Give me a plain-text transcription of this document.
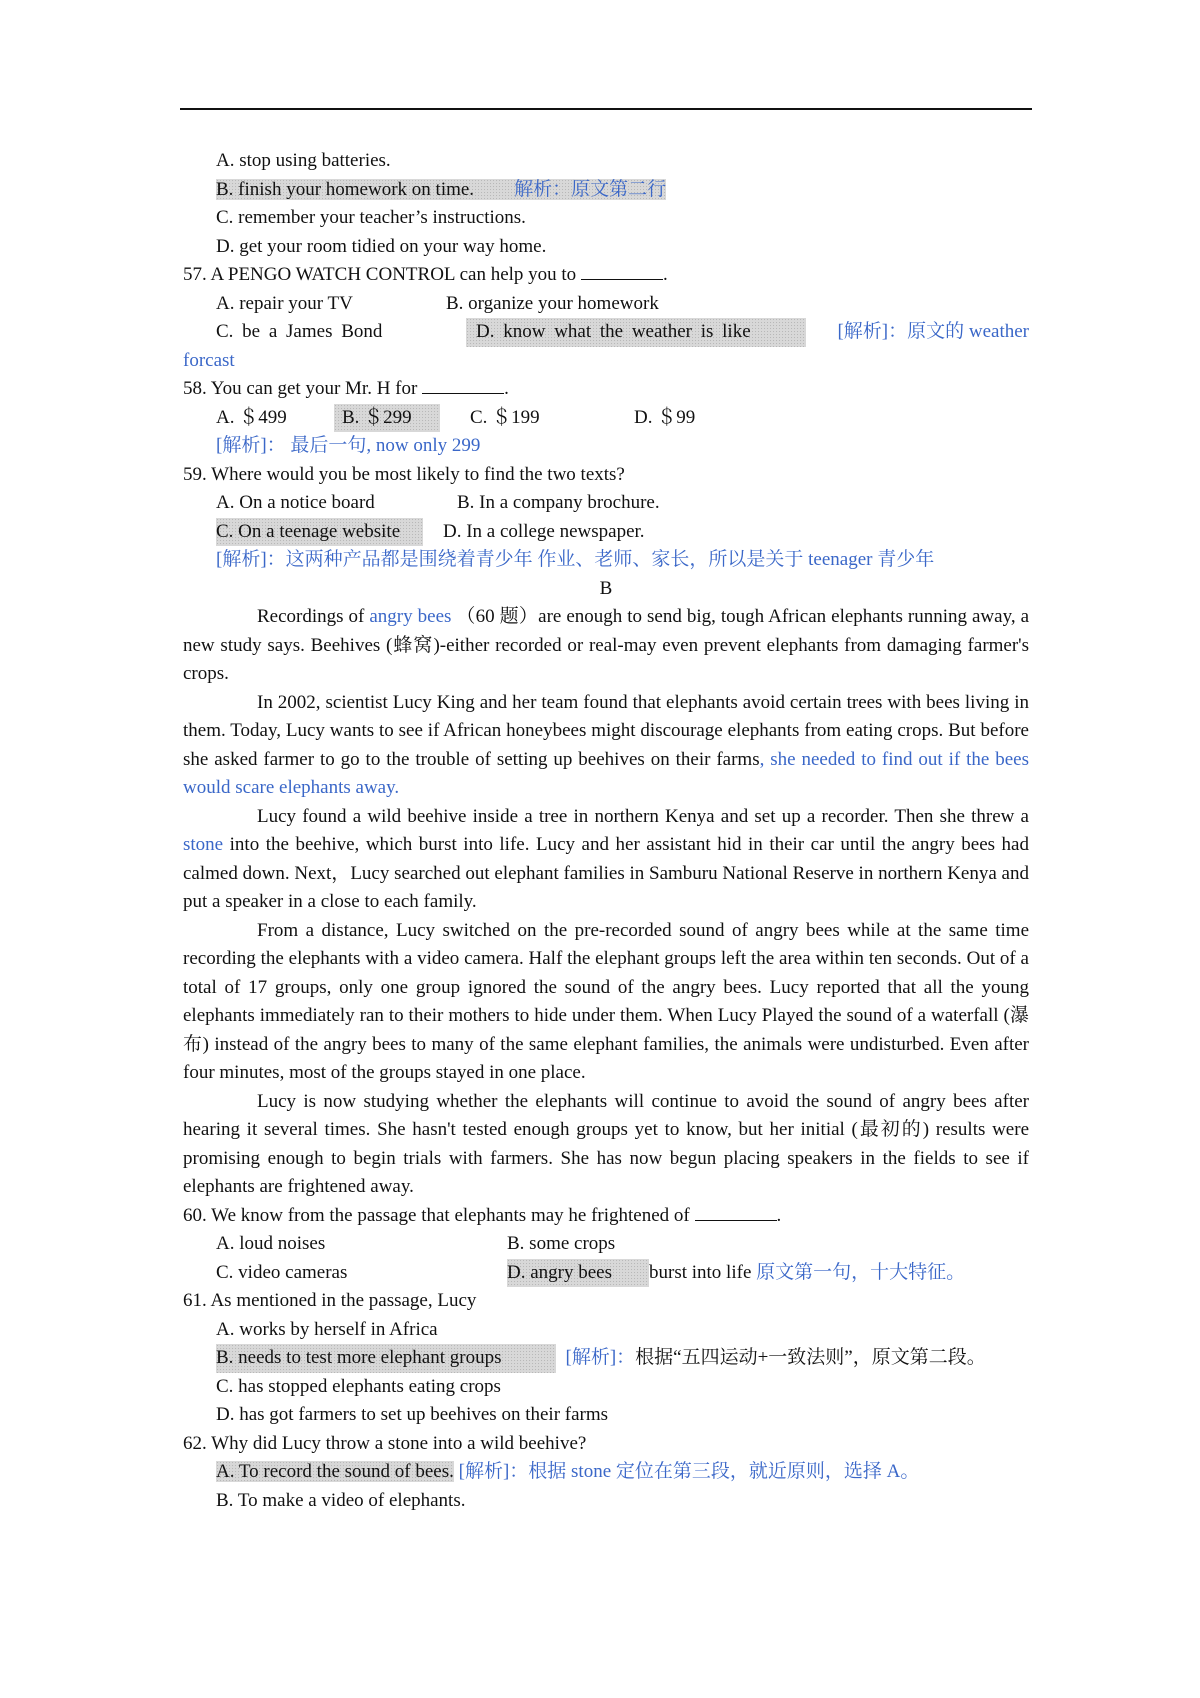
A. stop using batteries.

B. finish your homework on time. 解析：原文第二行

C. remember your teacher’s instructions.

D. get your room tidied on your way home.

57. A PENGO WATCH CONTROL can help you to	.

A. repair your TV	B. organize your homework

C. be a James Bond	D. know what the weather is like	[解析]：原文的 weather

forcast

58. You can get your Mr. H for	.

A. ＄499	B. ＄299	C. ＄199	D. ＄99

[解析]： 最后一句, now only 299

59. Where would you be most likely to find the two texts?

A. On a notice board	B. In a company brochure.

C. On a teenage website	D. In a college newspaper.

[解析]：这两种产品都是围绕着青少年 作业、老师、家长，所以是关于 teenager 青少年

B

Recordings of angry bees （60 题）are enough to send big, tough African elephants running away, a new study says. Beehives (蜂窝)-either recorded or real-may even prevent elephants from damaging farmer's crops.

In 2002, scientist Lucy King and her team found that elephants avoid certain trees with bees living in them. Today, Lucy wants to see if African honeybees might discourage elephants from eating crops. But before she asked farmer to go to the trouble of setting up beehives on their farms, she needed to find out if the bees would scare elephants away.

Lucy found a wild beehive inside a tree in northern Kenya and set up a recorder. Then she threw a stone into the beehive, which burst into life. Lucy and her assistant hid in their car until the angry bees had calmed down. Next，Lucy searched out elephant families in Samburu National Reserve in northern Kenya and put a speaker in a close to each family.

From a distance, Lucy switched on the pre-recorded sound of angry bees while at the same time recording the elephants with a video camera. Half the elephant groups left the area within ten seconds. Out of a total of 17 groups, only one group ignored the sound of the angry bees. Lucy reported that all the young elephants immediately ran to their mothers to hide under them. When Lucy Played the sound of a waterfall (瀑布) instead of the angry bees to many of the same elephant families, the animals were undisturbed. Even after four minutes, most of the groups stayed in one place.

Lucy is now studying whether the elephants will continue to avoid the sound of angry bees after hearing it several times. She hasn't tested enough groups yet to know, but her initial (最初的) results were promising enough to begin trials with farmers. She has now begun placing speakers in the fields to see if elephants are frightened away.

60. We know from the passage that elephants may he frightened of	.

A. loud noises	B. some crops

C. video cameras	D. angry bees	burst into life
原文第一句，十大特征。

61. As mentioned in the passage, Lucy

A. works by herself in Africa

B. needs to test more elephant groups	[解析]：根据“五四运动+一致法则”，原文第二段。

C. has stopped elephants eating crops

D. has got farmers to set up beehives on their farms

62. Why did Lucy throw a stone into a wild beehive?

A. To record the sound of bees. [解析]：根据 stone 定位在第三段，就近原则，选择 A。

B. To make a video of elephants.
